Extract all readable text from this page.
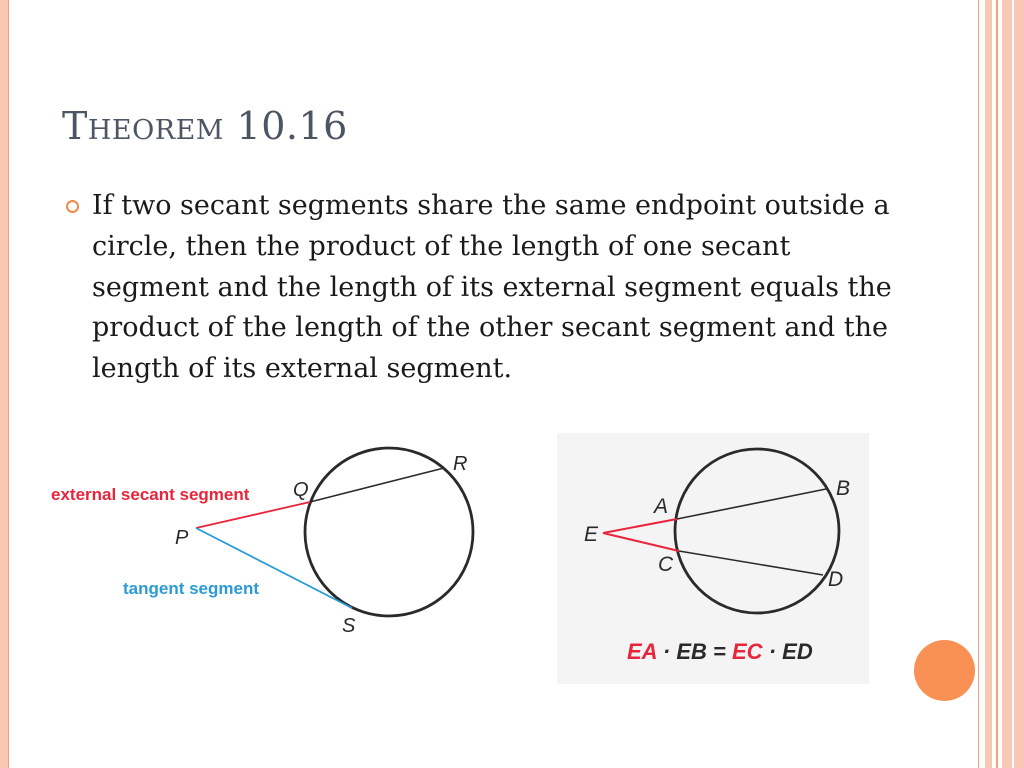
Theorem 10.16
If two secant segments share the same endpoint outside a circle, then the product of the length of one secant segment and the length of its external segment equals the product of the length of the other secant segment and the length of its external segment.
external secant segment
tangent segment
P
Q
R
S
E
A
B
C
D
EA · EB = EC · ED
